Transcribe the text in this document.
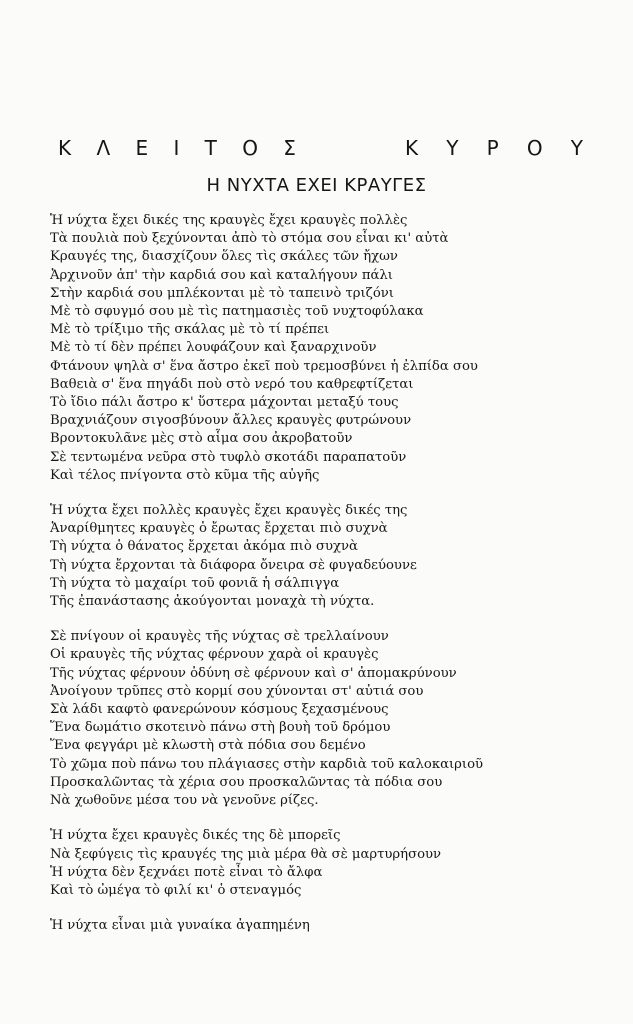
Κ Λ Ε Ι Τ Ο Σ	Κ Υ Ρ Ο Υ
Η ΝΥΧΤΑ ΕΧΕΙ ΚΡΑΥΓΕΣ
Ἡ νύχτα ἔχει δικές της κραυγὲς ἔχει κραυγὲς πολλὲς
Τὰ πουλιὰ ποὺ ξεχύνονται ἀπὸ τὸ στόμα σου εἶναι κι' αὐτὰ
Κραυγές της, διασχίζουν ὅλες τὶς σκάλες τῶν ἤχων
Ἀρχινοῦν ἀπ' τὴν καρδιά σου καὶ καταλήγουν πάλι
Στὴν καρδιά σου μπλέκονται μὲ τὸ ταπεινὸ τριζόνι
Μὲ τὸ σφυγμό σου μὲ τὶς πατημασιὲς τοῦ νυχτοφύλακα
Μὲ τὸ τρίξιμο τῆς σκάλας μὲ τὸ τί πρέπει
Μὲ τὸ τί δὲν πρέπει λουφάζουν καὶ ξαναρχινοῦν
Φτάνουν ψηλὰ σ' ἕνα ἄστρο ἐκεῖ ποὺ τρεμοσβύνει ἡ ἐλπίδα σου
Βαθειὰ σ' ἕνα πηγάδι ποὺ στὸ νερό του καθρεφτίζεται
Τὸ ἴδιο πάλι ἄστρο κ' ὕστερα μάχονται μεταξύ τους
Βραχνιάζουν σιγοσβύνουν ἄλλες κραυγὲς φυτρώνουν
Βροντοκυλᾶνε μὲς στὸ αἷμα σου ἀκροβατοῦν
Σὲ τεντωμένα νεῦρα στὸ τυφλὸ σκοτάδι παραπατοῦν
Καὶ τέλος πνίγοντα στὸ κῦμα τῆς αὐγῆς
Ἡ νύχτα ἔχει πολλὲς κραυγὲς ἔχει κραυγὲς δικές της
Ἀναρίθμητες κραυγὲς ὁ ἔρωτας ἔρχεται πιὸ συχνὰ
Τὴ νύχτα ὁ θάνατος ἔρχεται ἀκόμα πιὸ συχνὰ
Τὴ νύχτα ἔρχονται τὰ διάφορα ὄνειρα σὲ φυγαδεύουνε
Τὴ νύχτα τὸ μαχαίρι τοῦ φονιᾶ ἡ σάλπιγγα
Τῆς ἐπανάστασης ἀκούγονται μοναχὰ τὴ νύχτα.
Σὲ πνίγουν οἱ κραυγὲς τῆς νύχτας σὲ τρελλαίνουν
Οἱ κραυγὲς τῆς νύχτας φέρνουν χαρὰ οἱ κραυγὲς
Τῆς νύχτας φέρνουν ὀδύνη σὲ φέρνουν καὶ σ' ἀπομακρύνουν
Ἀνοίγουν τρῦπες στὸ κορμί σου χύνονται στ' αὐτιά σου
Σὰ λάδι καφτὸ φανερώνουν κόσμους ξεχασμένους
Ἕνα δωμάτιο σκοτεινὸ πάνω στὴ βουὴ τοῦ δρόμου
Ἕνα φεγγάρι μὲ κλωστὴ στὰ πόδια σου δεμένο
Τὸ χῶμα ποὺ πάνω του πλάγιασες στὴν καρδιὰ τοῦ καλοκαιριοῦ
Προσκαλῶντας τὰ χέρια σου προσκαλῶντας τὰ πόδια σου
Νὰ χωθοῦνε μέσα του νὰ γενοῦνε ρίζες.
Ἡ νύχτα ἔχει κραυγὲς δικές της δὲ μπορεῖς
Νὰ ξεφύγεις τὶς κραυγές της μιὰ μέρα θὰ σὲ μαρτυρήσουν
Ἡ νύχτα δὲν ξεχνάει ποτὲ εἶναι τὸ ἄλφα
Καὶ τὸ ὠμέγα τὸ φιλί κι' ὁ στεναγμός
Ἡ νύχτα εἶναι μιὰ γυναίκα ἀγαπημένη
